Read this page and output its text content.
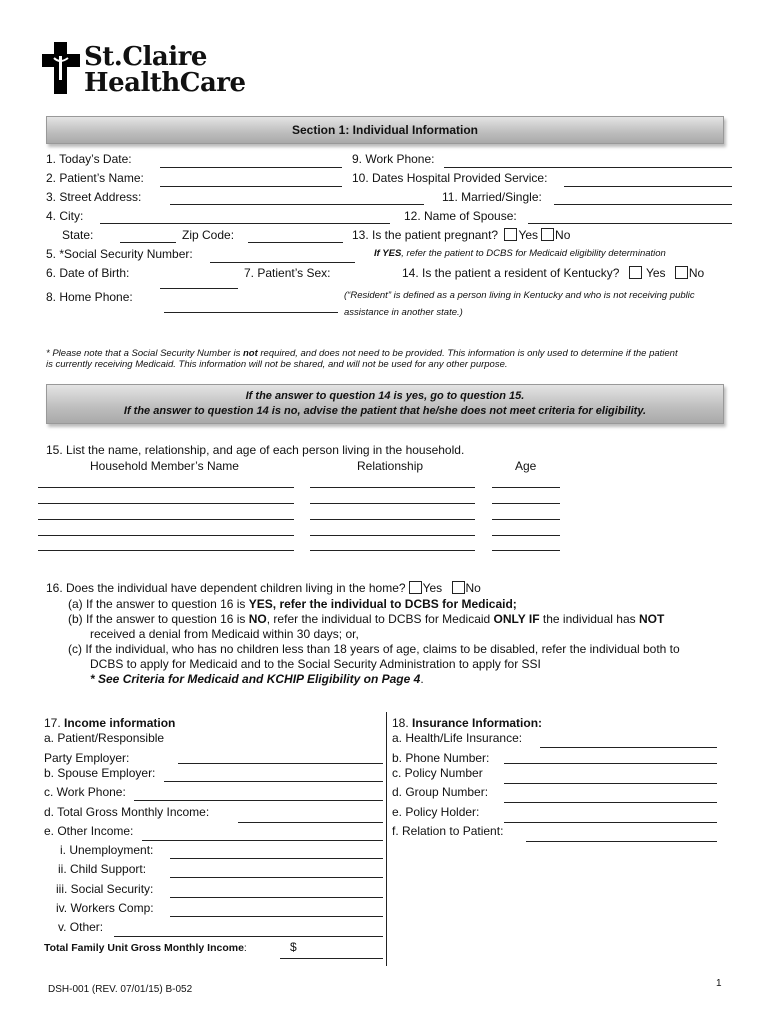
St.Claire
HealthCare
Section 1: Individual Information
1. Today’s Date:
2. Patient’s Name:
3. Street Address:
4. City:
State:	Zip Code:
5. *Social Security Number:
6. Date of Birth:	7. Patient’s Sex:
8. Home Phone:
9. Work Phone:
10. Dates Hospital Provided Service:
11. Married/Single:
12. Name of Spouse:
13. Is the patient pregnant? Yes No
If YES, refer the patient to DCBS for Medicaid eligibility determination
14. Is the patient a resident of Kentucky? Yes No
(“Resident” is defined as a person living in Kentucky and who is not receiving public
assistance in another state.)
* Please note that a Social Security Number is not required, and does not need to be provided. This information is only used to determine if the patient
is currently receiving Medicaid. This information will not be shared, and will not be used for any other purpose.
If the answer to question 14 is yes, go to question 15.
If the answer to question 14 is no, advise the patient that he/she does not meet criteria for eligibility.
15. List the name, relationship, and age of each person living in the household.
Household Member’s Name	Relationship	Age
16. Does the individual have dependent children living in the home? Yes No
(a) If the answer to question 16 is YES, refer the individual to DCBS for Medicaid;
(b) If the answer to question 16 is NO, refer the individual to DCBS for Medicaid ONLY IF the individual has NOT
received a denial from Medicaid within 30 days; or,
(c) If the individual, who has no children less than 18 years of age, claims to be disabled, refer the individual both to
DCBS to apply for Medicaid and to the Social Security Administration to apply for SSI
* See Criteria for Medicaid and KCHIP Eligibility on Page 4.
17. Income information
a. Patient/Responsible
Party Employer:
b. Spouse Employer:
c. Work Phone:
d. Total Gross Monthly Income:
e. Other Income:
i. Unemployment:
ii. Child Support:
iii. Social Security:
iv. Workers Comp:
v. Other:
Total Family Unit Gross Monthly Income:	$
18. Insurance Information:
a. Health/Life Insurance:
b. Phone Number:
c. Policy Number
d. Group Number:
e. Policy Holder:
f. Relation to Patient:
DSH-001 (REV. 07/01/15) B-052
1
